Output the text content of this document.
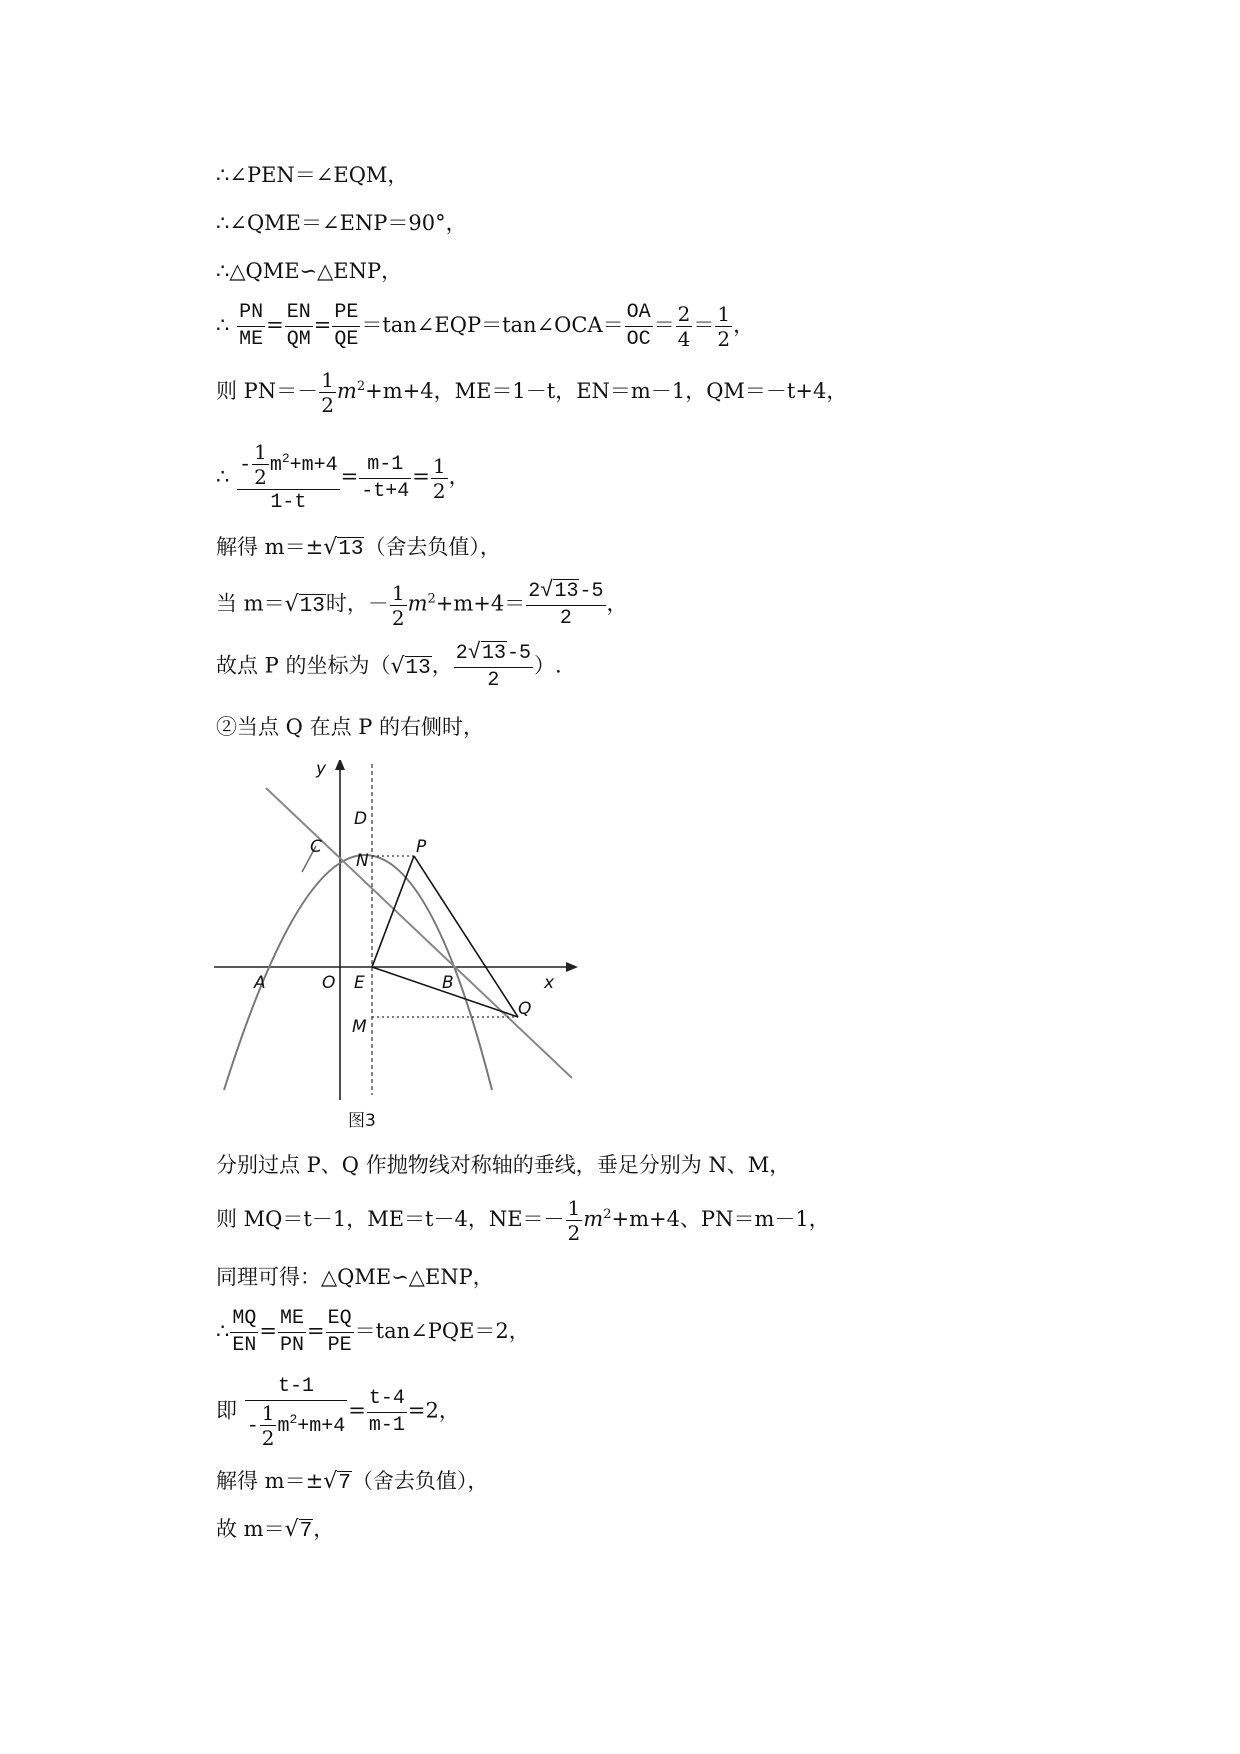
∴∠PEN＝∠EQM，
∴∠QME＝∠ENP＝90°，
∴△QME∽△ENP，
∴ $\frac{PN}{ME} = \frac{EN}{QM} = \frac{PE}{QE}$ ＝tan∠EQP＝tan∠OCA＝ $\frac{OA}{OC} = \frac{2}{4} = \frac{1}{2}$ ，
则 $PN=- \frac{1}{2} m^2+m+4$，ME＝1－t，EN＝m－1，QM＝－t+4，
∴ $\frac{- \frac{1}{2} m^2+m+4}{1-t} = \frac{m-1}{-t+4} = \frac{1}{2}$ ，
解得 m＝±√13（舍去负值），
当 m＝√13时，－ $\frac{1}{2} m^2+m+4= \frac{2√13-5}{2}$ ，
故点 P 的坐标为（√13， $\frac{2√13-5}{2}$ ）.
②当点 Q 在点 P 的右侧时，
y
x
D
C
N
P
A	O E	B
Q
M
图3
分别过点 P、Q 作抛物线对称轴的垂线，垂足分别为 N、M，
则 MQ＝t－1，ME＝t－4，$NE=- \frac{1}{2} m^2+m+4$、PN＝m－1，
同理可得：△QME∽△ENP，
∴ $\frac{MQ}{EN} = \frac{ME}{PN} = \frac{EQ}{PE}$ ＝tan∠PQE＝2，
即 $\frac{t-1}{- \frac{1}{2} m^2+m+4} = \frac{t-4}{m-1} =2$，
解得 m＝±√7（舍去负值），
故 m＝√7，
